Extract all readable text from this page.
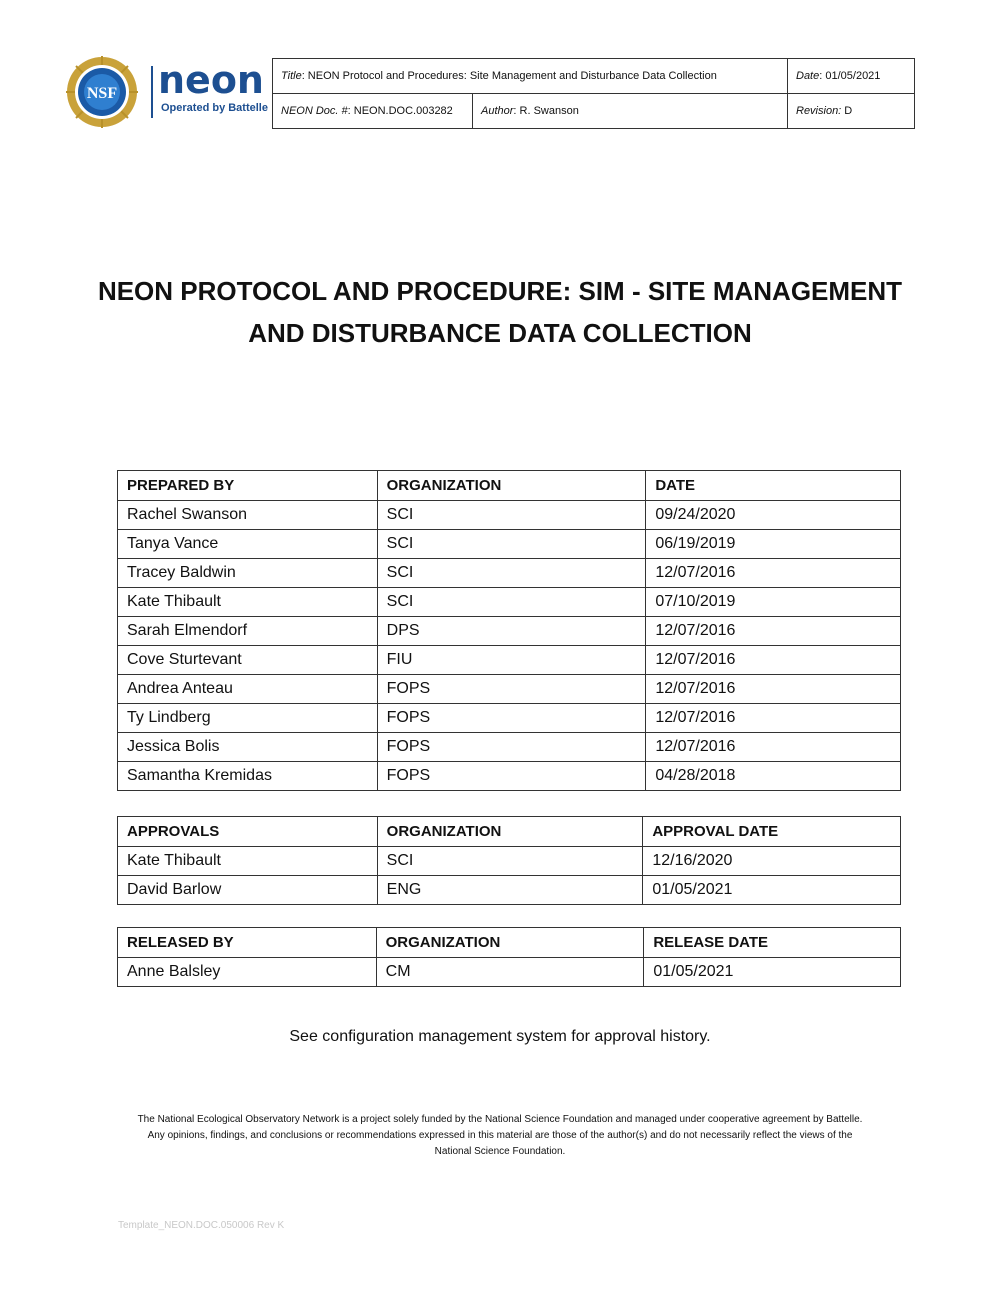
NSF neon
Operated by Battelle
Title: NEON Protocol and Procedures: Site Management and Disturbance Data Collection		Date: 01/05/2021
NEON Doc. #: NEON.DOC.003282	Author: R. Swanson	Revision: D
NEON PROTOCOL AND PROCEDURE: SIM - SITE MANAGEMENT
AND DISTURBANCE DATA COLLECTION
PREPARED BY	ORGANIZATION	DATE
Rachel Swanson	SCI	09/24/2020
Tanya Vance	SCI	06/19/2019
Tracey Baldwin	SCI	12/07/2016
Kate Thibault	SCI	07/10/2019
Sarah Elmendorf	DPS	12/07/2016
Cove Sturtevant	FIU	12/07/2016
Andrea Anteau	FOPS	12/07/2016
Ty Lindberg	FOPS	12/07/2016
Jessica Bolis	FOPS	12/07/2016
Samantha Kremidas	FOPS	04/28/2018
APPROVALS	ORGANIZATION	APPROVAL DATE
Kate Thibault	SCI	12/16/2020
David Barlow	ENG	01/05/2021
RELEASED BY	ORGANIZATION	RELEASE DATE
Anne Balsley	CM	01/05/2021
See configuration management system for approval history.
The National Ecological Observatory Network is a project solely funded by the National Science Foundation and managed under cooperative agreement by Battelle.
Any opinions, findings, and conclusions or recommendations expressed in this material are those of the author(s) and do not necessarily reflect the views of the
National Science Foundation.
Template_NEON.DOC.050006 Rev K
